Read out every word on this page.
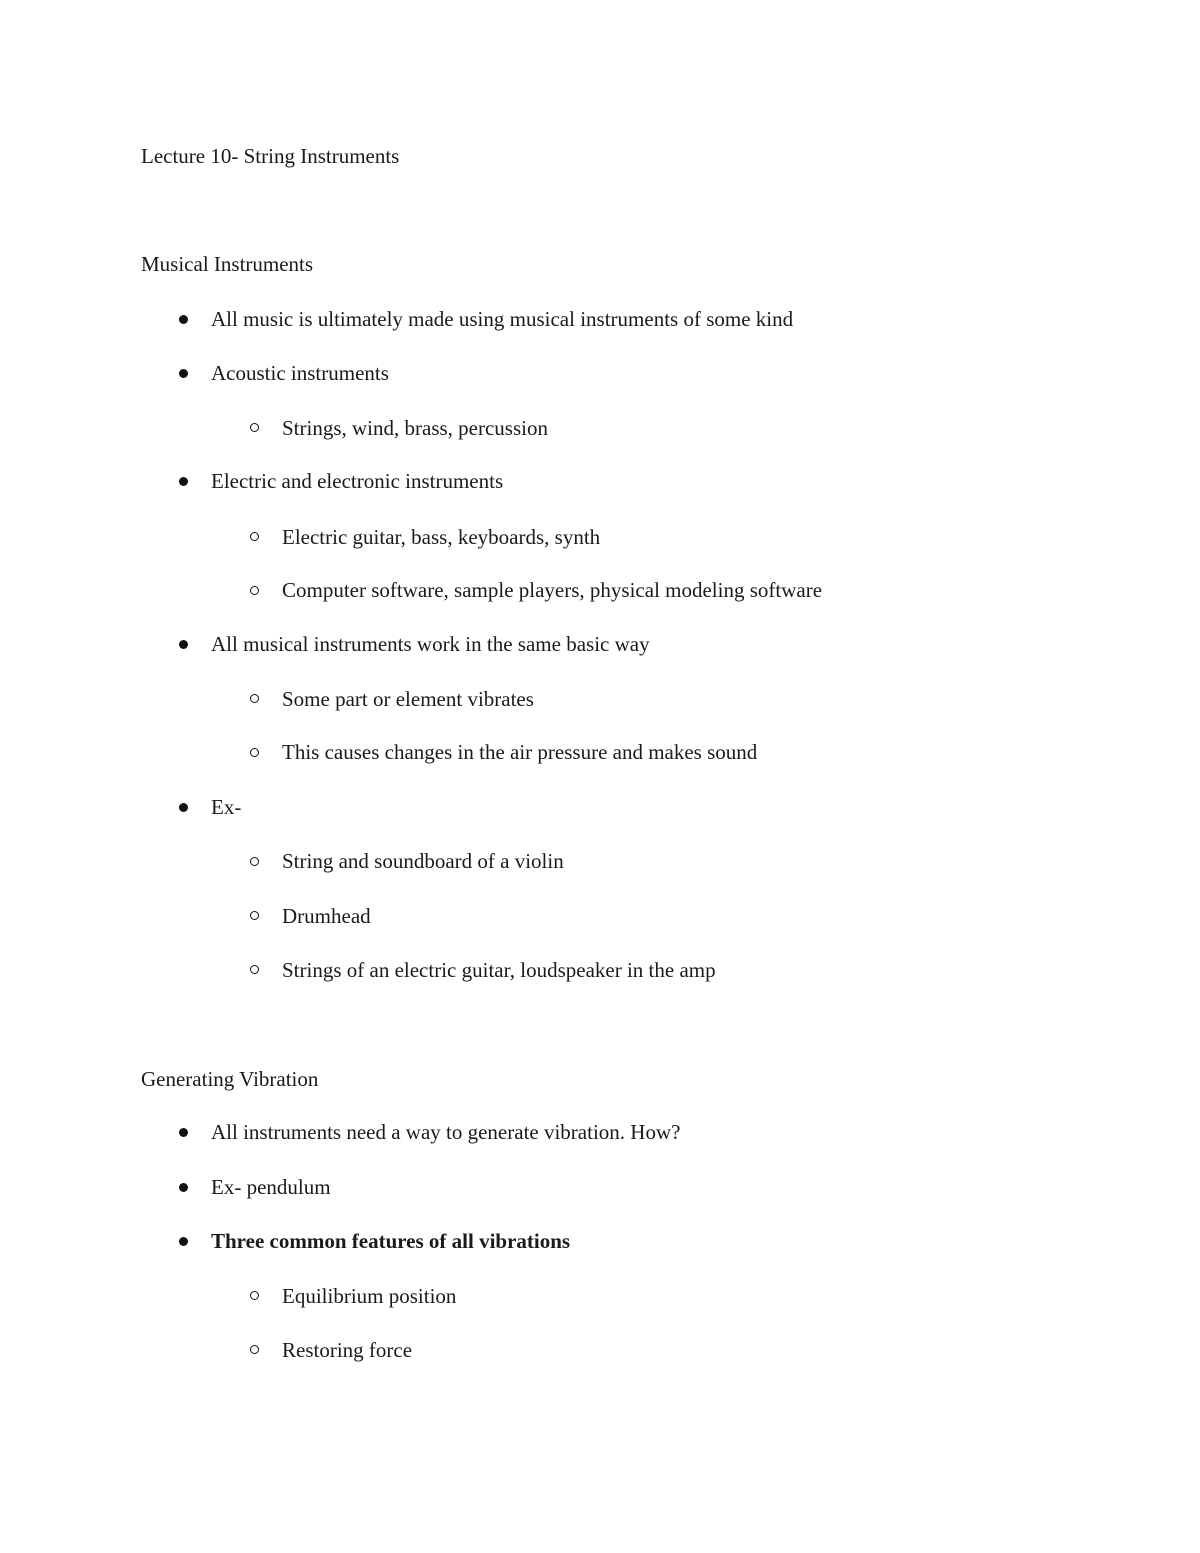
Lecture 10- String Instruments
Musical Instruments
All music is ultimately made using musical instruments of some kind
Acoustic instruments
Strings, wind, brass, percussion
Electric and electronic instruments
Electric guitar, bass, keyboards, synth
Computer software, sample players, physical modeling software
All musical instruments work in the same basic way
Some part or element vibrates
This causes changes in the air pressure and makes sound
Ex-
String and soundboard of a violin
Drumhead
Strings of an electric guitar, loudspeaker in the amp
Generating Vibration
All instruments need a way to generate vibration. How?
Ex- pendulum
Three common features of all vibrations
Equilibrium position
Restoring force
